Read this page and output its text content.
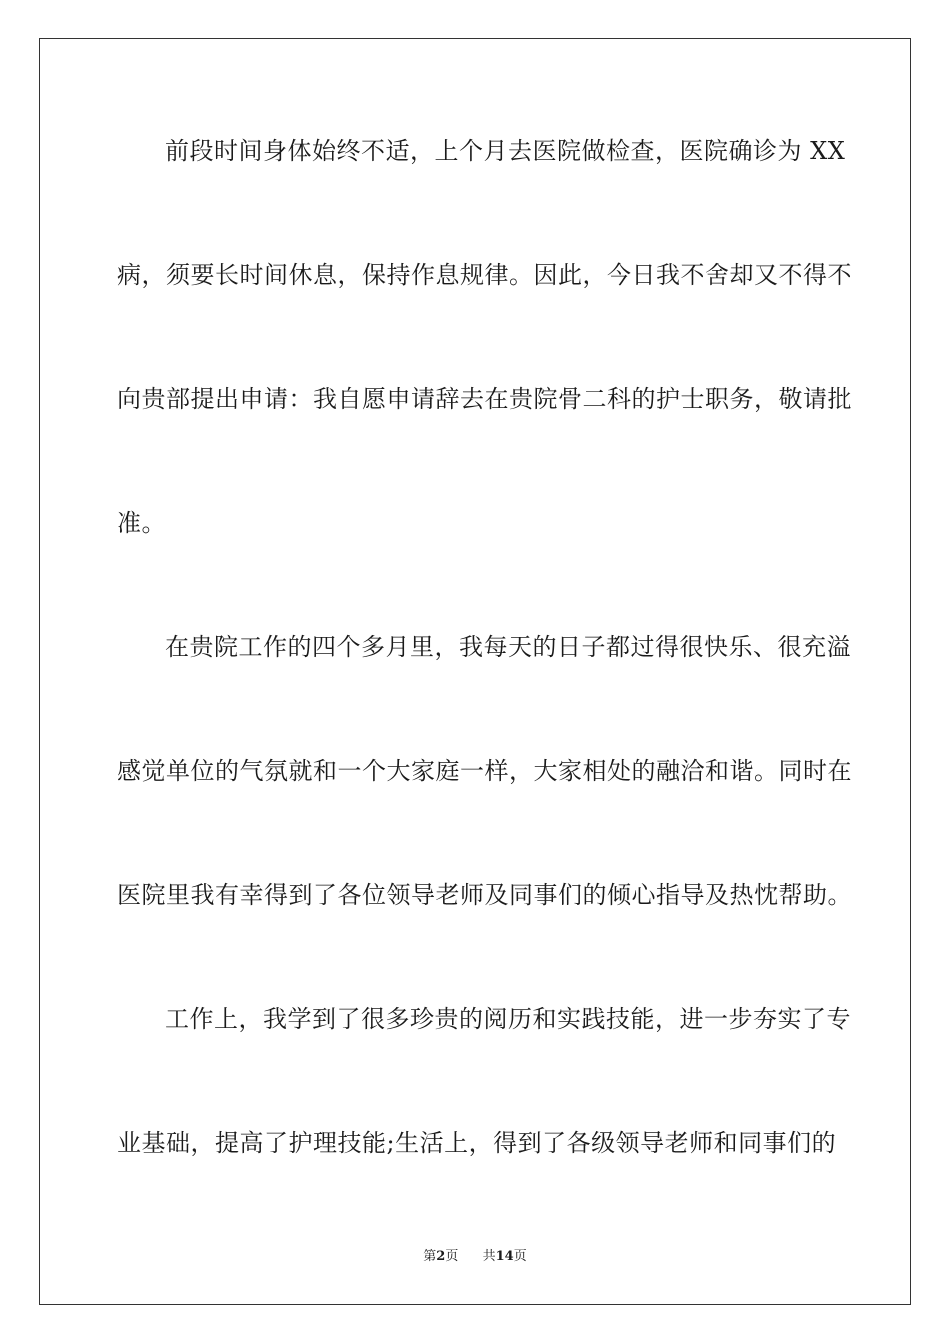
前段时间身体始终不适，上个月去医院做检查，医院确诊为 XX
病，须要长时间休息，保持作息规律。因此，今日我不舍却又不得不
向贵部提出申请：我自愿申请辞去在贵院骨二科的护士职务，敬请批
准。
在贵院工作的四个多月里，我每天的日子都过得很快乐、很充溢
感觉单位的气氛就和一个大家庭一样，大家相处的融洽和谐。同时在
医院里我有幸得到了各位领导老师及同事们的倾心指导及热忱帮助。
工作上，我学到了很多珍贵的阅历和实践技能，进一步夯实了专
业基础，提高了护理技能;生活上，得到了各级领导老师和同事们的
第2页 共14页
